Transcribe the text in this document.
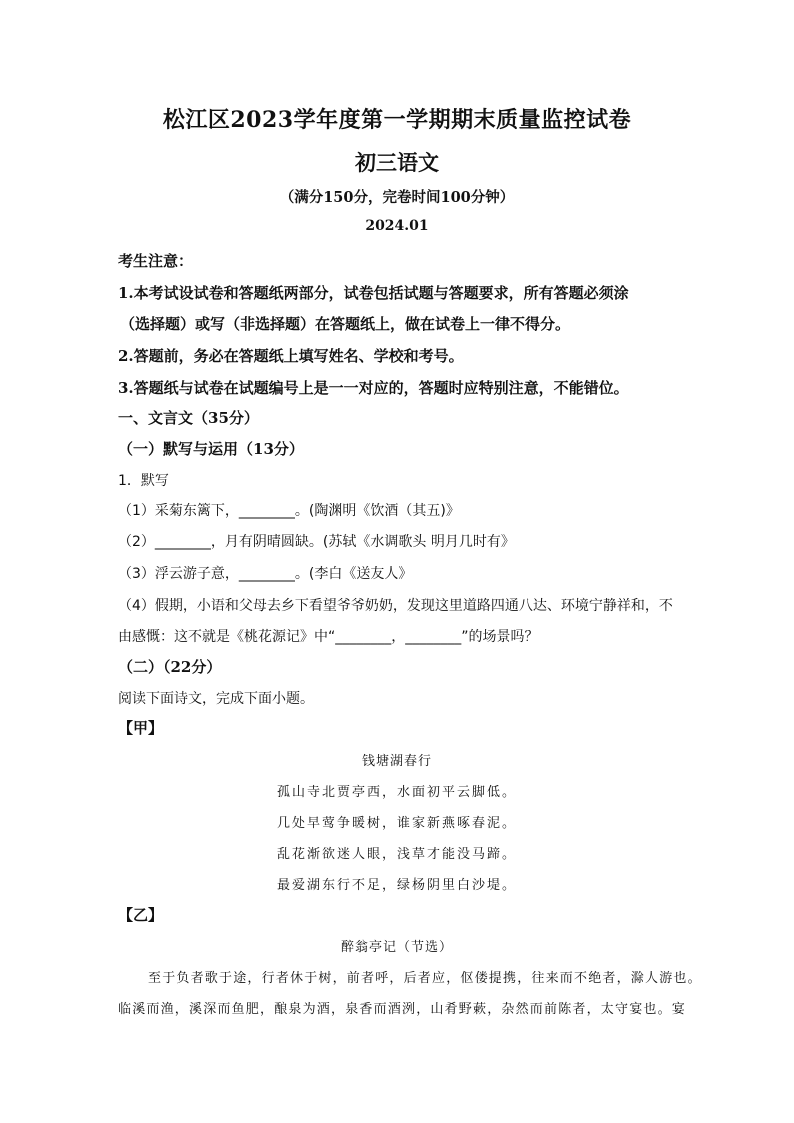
松江区2023学年度第一学期期末质量监控试卷
初三语文
（满分150分，完卷时间100分钟）
2024.01
考生注意：
1.本考试设试卷和答题纸两部分，试卷包括试题与答题要求，所有答题必须涂
（选择题）或写（非选择题）在答题纸上，做在试卷上一律不得分。
2.答题前，务必在答题纸上填写姓名、学校和考号。
3.答题纸与试卷在试题编号上是一一对应的，答题时应特别注意，不能错位。
一、文言文（35分）
（一）默写与运用（13分）
1．默写
（1）采菊东篱下，________。(陶渊明《饮酒（其五)》
（2）________，月有阴晴圆缺。(苏轼《水调歌头 明月几时有》
（3）浮云游子意，________。(李白《送友人》
（4）假期，小语和父母去乡下看望爷爷奶奶，发现这里道路四通八达、环境宁静祥和，不
由感慨：这不就是《桃花源记》中“________，________”的场景吗？
（二）（22分）
阅读下面诗文，完成下面小题。
【甲】
钱塘湖春行
孤山寺北贾亭西，水面初平云脚低。
几处早莺争暖树，谁家新燕啄春泥。
乱花渐欲迷人眼，浅草才能没马蹄。
最爱湖东行不足，绿杨阴里白沙堤。
【乙】
醉翁亭记（节选）
至于负者歌于途，行者休于树，前者呼，后者应，伛偻提携，往来而不绝者，滁人游也。
临溪而渔，溪深而鱼肥，酿泉为酒，泉香而酒洌，山肴野蔌，杂然而前陈者，太守宴也。宴
